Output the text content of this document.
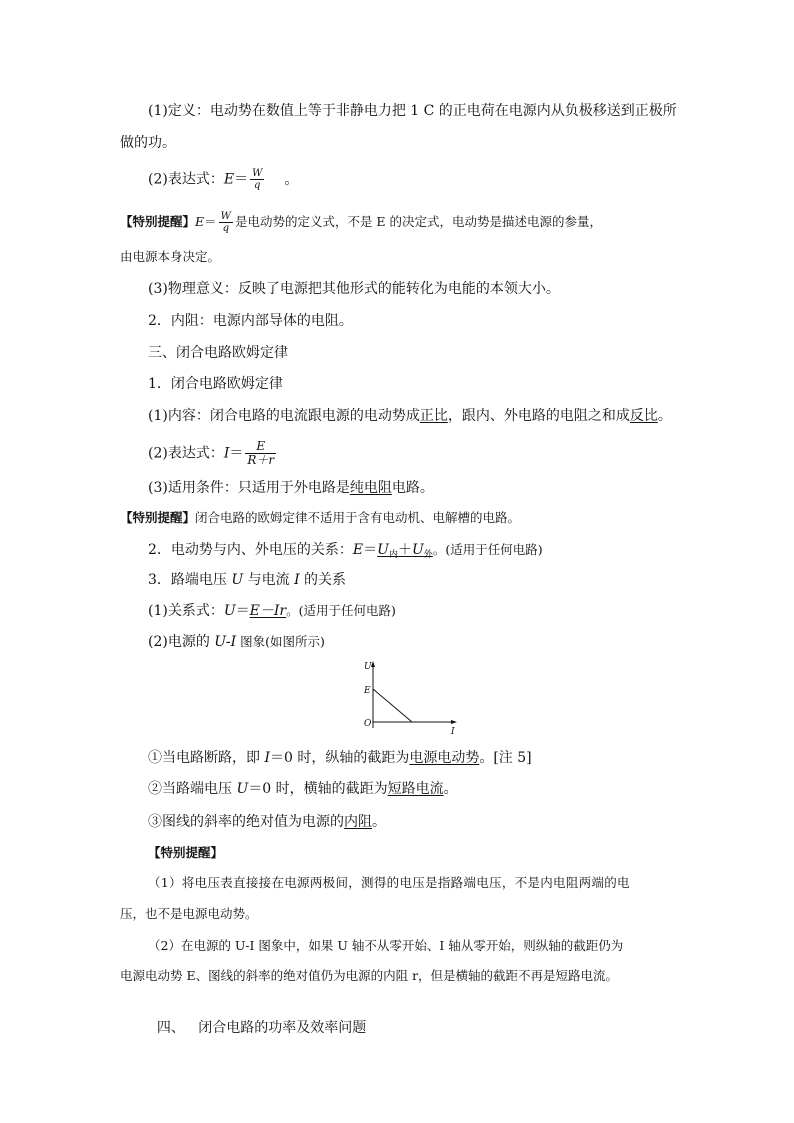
(1)定义：电动势在数值上等于非静电力把 1 C 的正电荷在电源内从负极移送到正极所
做的功。
(2)表达式：$E= \frac{W}{q}$ 。
【特别提醒】$E= \frac{W}{q}$ 是电动势的定义式，不是 E 的决定式，电动势是描述电源的参量，
由电源本身决定。
(3)物理意义：反映了电源把其他形式的能转化为电能的本领大小。
2．内阻：电源内部导体的电阻。
三、闭合电路欧姆定律
1．闭合电路欧姆定律
(1)内容：闭合电路的电流跟电源的电动势成正比，跟内、外电路的电阻之和成反比。
(2)表达式：$I= \frac{E}{R+r}$
(3)适用条件：只适用于外电路是纯电阻电路。
【特别提醒】闭合电路的欧姆定律不适用于含有电动机、电解槽的电路。
2．电动势与内、外电压的关系：$E=U_内+U_外$。(适用于任何电路)
3．路端电压 U 与电流 I 的关系
(1)关系式：U＝E－Ir。(适用于任何电路)
(2)电源的 U-I 图象(如图所示)
U
E
O
I
①当电路断路，即 I＝0 时，纵轴的截距为电源电动势。[注 5]
②当路端电压 U＝0 时，横轴的截距为短路电流。
③图线的斜率的绝对值为电源的内阻。
【特别提醒】
（1）将电压表直接接在电源两极间，测得的电压是指路端电压，不是内电阻两端的电
压，也不是电源电动势。
（2）在电源的 U-I 图象中，如果 U 轴不从零开始、I 轴从零开始，则纵轴的截距仍为
电源电动势 E、图线的斜率的绝对值仍为电源的内阻 r，但是横轴的截距不再是短路电流。

四、   闭合电路的功率及效率问题
